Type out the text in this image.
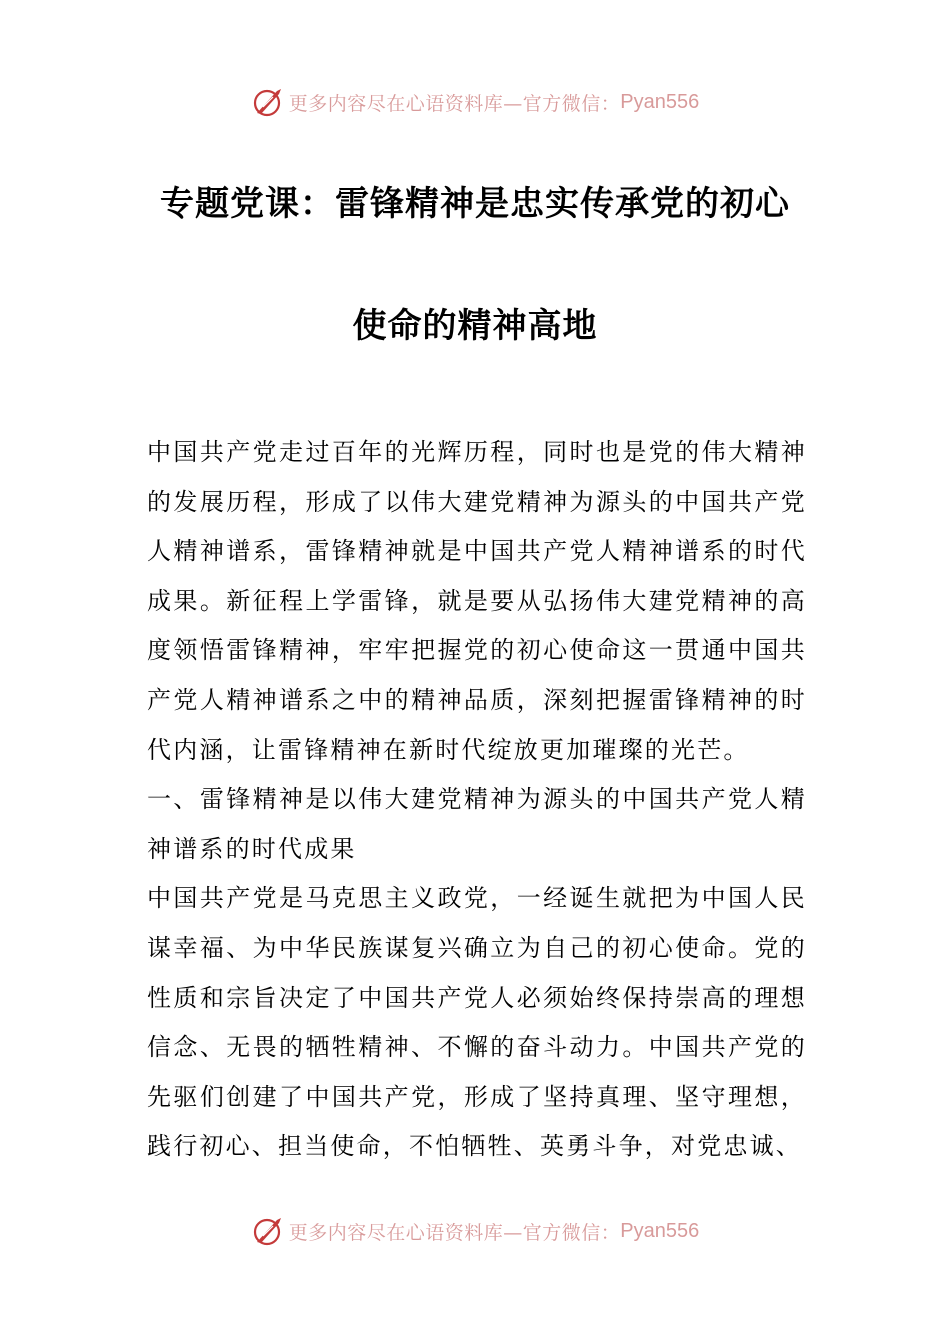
更多内容尽在心语资料库—官方微信： Pyan556
专题党课：雷锋精神是忠实传承党的初心
使命的精神高地

中国共产党走过百年的光辉历程，同时也是党的伟大精神的发展历程，形成了以伟大建党精神为源头的中国共产党人精神谱系，雷锋精神就是中国共产党人精神谱系的时代成果。新征程上学雷锋，就是要从弘扬伟大建党精神的高度领悟雷锋精神，牢牢把握党的初心使命这一贯通中国共产党人精神谱系之中的精神品质，深刻把握雷锋精神的时代内涵，让雷锋精神在新时代绽放更加璀璨的光芒。

一、雷锋精神是以伟大建党精神为源头的中国共产党人精神谱系的时代成果

中国共产党是马克思主义政党，一经诞生就把为中国人民谋幸福、为中华民族谋复兴确立为自己的初心使命。党的性质和宗旨决定了中国共产党人必须始终保持崇高的理想信念、无畏的牺牲精神、不懈的奋斗动力。中国共产党的先驱们创建了中国共产党，形成了坚持真理、坚守理想，践行初心、担当使命，不怕牺牲、英勇斗争，对党忠诚、

更多内容尽在心语资料库—官方微信： Pyan556
